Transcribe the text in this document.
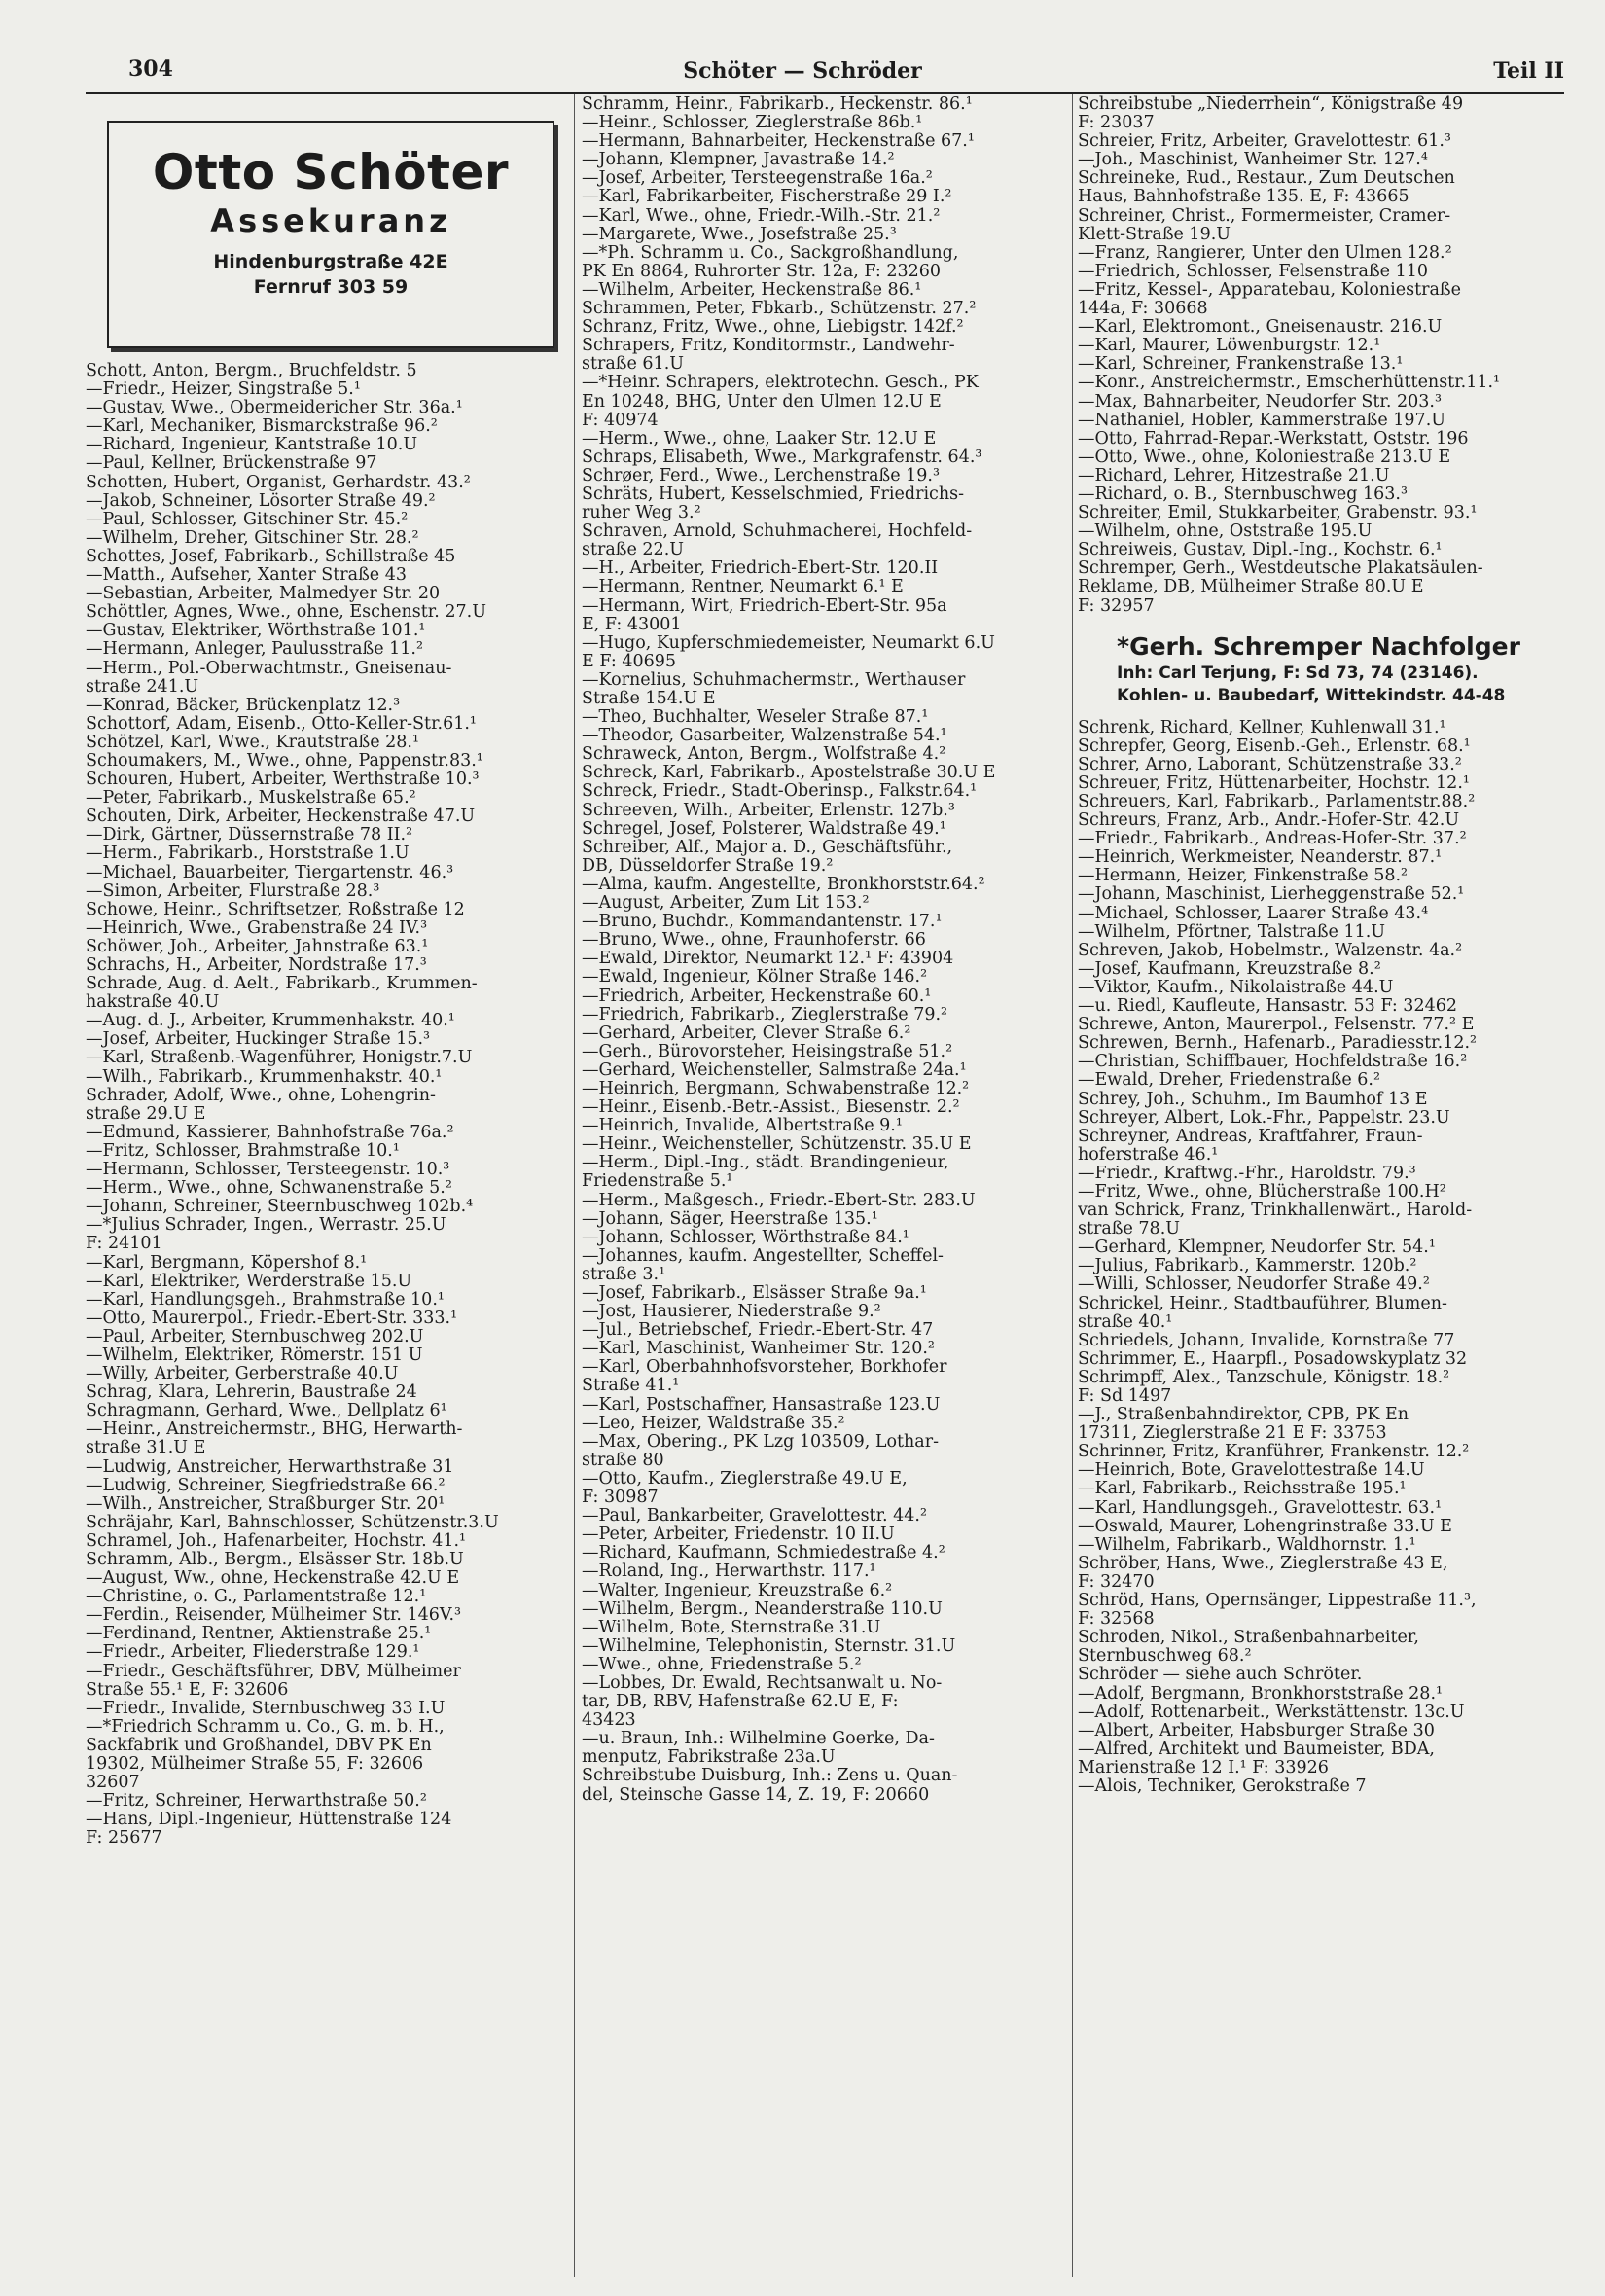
304	Schöter — Schröder	Teil II
Otto Schöter
Assekuranz
Hindenburgstraße 42E
Fernruf 303 59
Schott, Anton, Bergm., Bruchfeldstr. 5
—Friedr., Heizer, Singstraße 5.¹
—Gustav, Wwe., Obermeidericher Str. 36a.¹
—Karl, Mechaniker, Bismarckstraße 96.²
—Richard, Ingenieur, Kantstraße 10.U
—Paul, Kellner, Brückenstraße 97
Schotten, Hubert, Organist, Gerhardstr. 43.²
—Jakob, Schneiner, Lösorter Straße 49.²
—Paul, Schlosser, Gitschiner Str. 45.²
—Wilhelm, Dreher, Gitschiner Str. 28.²
Schottes, Josef, Fabrikarb., Schillstraße 45
—Matth., Aufseher, Xanter Straße 43
—Sebastian, Arbeiter, Malmedyer Str. 20
Schöttler, Agnes, Wwe., ohne, Eschenstr. 27.U
—Gustav, Elektriker, Wörthstraße 101.¹
—Hermann, Anleger, Paulusstraße 11.²
—Herm., Pol.-Oberwachtmstr., Gneisenau-
straße 241.U
—Konrad, Bäcker, Brückenplatz 12.³
Schottorf, Adam, Eisenb., Otto-Keller-Str.61.¹
Schötzel, Karl, Wwe., Krautstraße 28.¹
Schoumakers, M., Wwe., ohne, Pappenstr.83.¹
Schouren, Hubert, Arbeiter, Werthstraße 10.³
—Peter, Fabrikarb., Muskelstraße 65.²
Schouten, Dirk, Arbeiter, Heckenstraße 47.U
—Dirk, Gärtner, Düssernstraße 78 II.²
—Herm., Fabrikarb., Horststraße 1.U
—Michael, Bauarbeiter, Tiergartenstr. 46.³
—Simon, Arbeiter, Flurstraße 28.³
Schowe, Heinr., Schriftsetzer, Roßstraße 12
—Heinrich, Wwe., Grabenstraße 24 IV.³
Schöwer, Joh., Arbeiter, Jahnstraße 63.¹
Schrachs, H., Arbeiter, Nordstraße 17.³
Schrade, Aug. d. Aelt., Fabrikarb., Krummen-
hakstraße 40.U
—Aug. d. J., Arbeiter, Krummenhakstr. 40.¹
—Josef, Arbeiter, Huckinger Straße 15.³
—Karl, Straßenb.-Wagenführer, Honigstr.7.U
—Wilh., Fabrikarb., Krummenhakstr. 40.¹
Schrader, Adolf, Wwe., ohne, Lohengrin-
straße 29.U E
—Edmund, Kassierer, Bahnhofstraße 76a.²
—Fritz, Schlosser, Brahmstraße 10.¹
—Hermann, Schlosser, Tersteegenstr. 10.³
—Herm., Wwe., ohne, Schwanenstraße 5.²
—Johann, Schreiner, Steernbuschweg 102b.⁴
—*Julius Schrader, Ingen., Werrastr. 25.U
F: 24101
—Karl, Bergmann, Köpershof 8.¹
—Karl, Elektriker, Werderstraße 15.U
—Karl, Handlungsgeh., Brahmstraße 10.¹
—Otto, Maurerpol., Friedr.-Ebert-Str. 333.¹
—Paul, Arbeiter, Sternbuschweg 202.U
—Wilhelm, Elektriker, Römerstr. 151 U
—Willy, Arbeiter, Gerberstraße 40.U
Schrag, Klara, Lehrerin, Baustraße 24
Schragmann, Gerhard, Wwe., Dellplatz 6¹
—Heinr., Anstreichermstr., BHG, Herwarth-
straße 31.U E
—Ludwig, Anstreicher, Herwarthstraße 31
—Ludwig, Schreiner, Siegfriedstraße 66.²
—Wilh., Anstreicher, Straßburger Str. 20¹
Schräjahr, Karl, Bahnschlosser, Schützenstr.3.U
Schramel, Joh., Hafenarbeiter, Hochstr. 41.¹
Schramm, Alb., Bergm., Elsässer Str. 18b.U
—August, Ww., ohne, Heckenstraße 42.U E
—Christine, o. G., Parlamentstraße 12.¹
—Ferdin., Reisender, Mülheimer Str. 146V.³
—Ferdinand, Rentner, Aktienstraße 25.¹
—Friedr., Arbeiter, Fliederstraße 129.¹
—Friedr., Geschäftsführer, DBV, Mülheimer
Straße 55.¹ E, F: 32606
—Friedr., Invalide, Sternbuschweg 33 I.U
—*Friedrich Schramm u. Co., G. m. b. H.,
Sackfabrik und Großhandel, DBV PK En
19302, Mülheimer Straße 55, F: 32606
32607
—Fritz, Schreiner, Herwarthstraße 50.²
—Hans, Dipl.-Ingenieur, Hüttenstraße 124
F: 25677
Schramm, Heinr., Fabrikarb., Heckenstr. 86.¹
—Heinr., Schlosser, Zieglerstraße 86b.¹
—Hermann, Bahnarbeiter, Heckenstraße 67.¹
—Johann, Klempner, Javastraße 14.²
—Josef, Arbeiter, Tersteegenstraße 16a.²
—Karl, Fabrikarbeiter, Fischerstraße 29 I.²
—Karl, Wwe., ohne, Friedr.-Wilh.-Str. 21.²
—Margarete, Wwe., Josefstraße 25.³
—*Ph. Schramm u. Co., Sackgroßhandlung,
PK En 8864, Ruhrorter Str. 12a, F: 23260
—Wilhelm, Arbeiter, Heckenstraße 86.¹
Schrammen, Peter, Fbkarb., Schützenstr. 27.²
Schranz, Fritz, Wwe., ohne, Liebigstr. 142f.²
Schrapers, Fritz, Konditormstr., Landwehr-
straße 61.U
—*Heinr. Schrapers, elektrotechn. Gesch., PK
En 10248, BHG, Unter den Ulmen 12.U E
F: 40974
—Herm., Wwe., ohne, Laaker Str. 12.U E
Schraps, Elisabeth, Wwe., Markgrafenstr. 64.³
Schrøer, Ferd., Wwe., Lerchenstraße 19.³
Schräts, Hubert, Kesselschmied, Friedrichs-
ruher Weg 3.²
Schraven, Arnold, Schuhmacherei, Hochfeld-
straße 22.U
—H., Arbeiter, Friedrich-Ebert-Str. 120.II
—Hermann, Rentner, Neumarkt 6.¹ E
—Hermann, Wirt, Friedrich-Ebert-Str. 95a
E, F: 43001
—Hugo, Kupferschmiedemeister, Neumarkt 6.U
E F: 40695
—Kornelius, Schuhmachermstr., Werthauser
Straße 154.U E
—Theo, Buchhalter, Weseler Straße 87.¹
—Theodor, Gasarbeiter, Walzenstraße 54.¹
Schraweck, Anton, Bergm., Wolfstraße 4.²
Schreck, Karl, Fabrikarb., Apostelstraße 30.U E
Schreck, Friedr., Stadt-Oberinsp., Falkstr.64.¹
Schreeven, Wilh., Arbeiter, Erlenstr. 127b.³
Schregel, Josef, Polsterer, Waldstraße 49.¹
Schreiber, Alf., Major a. D., Geschäftsführ.,
DB, Düsseldorfer Straße 19.²
—Alma, kaufm. Angestellte, Bronkhorststr.64.²
—August, Arbeiter, Zum Lit 153.²
—Bruno, Buchdr., Kommandantenstr. 17.¹
—Bruno, Wwe., ohne, Fraunhoferstr. 66
—Ewald, Direktor, Neumarkt 12.¹ F: 43904
—Ewald, Ingenieur, Kölner Straße 146.²
—Friedrich, Arbeiter, Heckenstraße 60.¹
—Friedrich, Fabrikarb., Zieglerstraße 79.²
—Gerhard, Arbeiter, Clever Straße 6.²
—Gerh., Bürovorsteher, Heisingstraße 51.²
—Gerhard, Weichensteller, Salmstraße 24a.¹
—Heinrich, Bergmann, Schwabenstraße 12.²
—Heinr., Eisenb.-Betr.-Assist., Biesenstr. 2.²
—Heinrich, Invalide, Albertstraße 9.¹
—Heinr., Weichensteller, Schützenstr. 35.U E
—Herm., Dipl.-Ing., städt. Brandingenieur,
Friedenstraße 5.¹
—Herm., Maßgesch., Friedr.-Ebert-Str. 283.U
—Johann, Säger, Heerstraße 135.¹
—Johann, Schlosser, Wörthstraße 84.¹
—Johannes, kaufm. Angestellter, Scheffel-
straße 3.¹
—Josef, Fabrikarb., Elsässer Straße 9a.¹
—Jost, Hausierer, Niederstraße 9.²
—Jul., Betriebschef, Friedr.-Ebert-Str. 47
—Karl, Maschinist, Wanheimer Str. 120.²
—Karl, Oberbahnhofsvorsteher, Borkhofer
Straße 41.¹
—Karl, Postschaffner, Hansastraße 123.U
—Leo, Heizer, Waldstraße 35.²
—Max, Obering., PK Lzg 103509, Lothar-
straße 80
—Otto, Kaufm., Zieglerstraße 49.U E,
F: 30987
—Paul, Bankarbeiter, Gravelottestr. 44.²
—Peter, Arbeiter, Friedenstr. 10 II.U
—Richard, Kaufmann, Schmiedestraße 4.²
—Roland, Ing., Herwarthstr. 117.¹
—Walter, Ingenieur, Kreuzstraße 6.²
—Wilhelm, Bergm., Neanderstraße 110.U
—Wilhelm, Bote, Sternstraße 31.U
—Wilhelmine, Telephonistin, Sternstr. 31.U
—Wwe., ohne, Friedenstraße 5.²
—Lobbes, Dr. Ewald, Rechtsanwalt u. No-
tar, DB, RBV, Hafenstraße 62.U E, F:
43423
—u. Braun, Inh.: Wilhelmine Goerke, Da-
menputz, Fabrikstraße 23a.U
Schreibstube Duisburg, Inh.: Zens u. Quan-
del, Steinsche Gasse 14, Z. 19, F: 20660
Schreibstube „Niederrhein“, Königstraße 49
F: 23037
Schreier, Fritz, Arbeiter, Gravelottestr. 61.³
—Joh., Maschinist, Wanheimer Str. 127.⁴
Schreineke, Rud., Restaur., Zum Deutschen
Haus, Bahnhofstraße 135. E, F: 43665
Schreiner, Christ., Formermeister, Cramer-
Klett-Straße 19.U
—Franz, Rangierer, Unter den Ulmen 128.²
—Friedrich, Schlosser, Felsenstraße 110
—Fritz, Kessel-, Apparatebau, Koloniestraße
144a, F: 30668
—Karl, Elektromont., Gneisenaustr. 216.U
—Karl, Maurer, Löwenburgstr. 12.¹
—Karl, Schreiner, Frankenstraße 13.¹
—Konr., Anstreichermstr., Emscherhüttenstr.11.¹
—Max, Bahnarbeiter, Neudorfer Str. 203.³
—Nathaniel, Hobler, Kammerstraße 197.U
—Otto, Fahrrad-Repar.-Werkstatt, Oststr. 196
—Otto, Wwe., ohne, Koloniestraße 213.U E
—Richard, Lehrer, Hitzestraße 21.U
—Richard, o. B., Sternbuschweg 163.³
Schreiter, Emil, Stukkarbeiter, Grabenstr. 93.¹
—Wilhelm, ohne, Oststraße 195.U
Schreiweis, Gustav, Dipl.-Ing., Kochstr. 6.¹
Schremper, Gerh., Westdeutsche Plakatsäulen-
Reklame, DB, Mülheimer Straße 80.U E
F: 32957
*Gerh. Schremper Nachfolger
Inh: Carl Terjung, F: Sd 73, 74 (23146).
Kohlen- u. Baubedarf, Wittekindstr. 44-48
Schrenk, Richard, Kellner, Kuhlenwall 31.¹
Schrepfer, Georg, Eisenb.-Geh., Erlenstr. 68.¹
Schrer, Arno, Laborant, Schützenstraße 33.²
Schreuer, Fritz, Hüttenarbeiter, Hochstr. 12.¹
Schreuers, Karl, Fabrikarb., Parlamentstr.88.²
Schreurs, Franz, Arb., Andr.-Hofer-Str. 42.U
—Friedr., Fabrikarb., Andreas-Hofer-Str. 37.²
—Heinrich, Werkmeister, Neanderstr. 87.¹
—Hermann, Heizer, Finkenstraße 58.²
—Johann, Maschinist, Lierheggenstraße 52.¹
—Michael, Schlosser, Laarer Straße 43.⁴
—Wilhelm, Pförtner, Talstraße 11.U
Schreven, Jakob, Hobelmstr., Walzenstr. 4a.²
—Josef, Kaufmann, Kreuzstraße 8.²
—Viktor, Kaufm., Nikolaistraße 44.U
—u. Riedl, Kaufleute, Hansastr. 53 F: 32462
Schrewe, Anton, Maurerpol., Felsenstr. 77.² E
Schrewen, Bernh., Hafenarb., Paradiesstr.12.²
—Christian, Schiffbauer, Hochfeldstraße 16.²
—Ewald, Dreher, Friedenstraße 6.²
Schrey, Joh., Schuhm., Im Baumhof 13 E
Schreyer, Albert, Lok.-Fhr., Pappelstr. 23.U
Schreyner, Andreas, Kraftfahrer, Fraun-
hoferstraße 46.¹
—Friedr., Kraftwg.-Fhr., Haroldstr. 79.³
—Fritz, Wwe., ohne, Blücherstraße 100.H²
van Schrick, Franz, Trinkhallenwärt., Harold-
straße 78.U
—Gerhard, Klempner, Neudorfer Str. 54.¹
—Julius, Fabrikarb., Kammerstr. 120b.²
—Willi, Schlosser, Neudorfer Straße 49.²
Schrickel, Heinr., Stadtbauführer, Blumen-
straße 40.¹
Schriedels, Johann, Invalide, Kornstraße 77
Schrimmer, E., Haarpfl., Posadowskyplatz 32
Schrimpff, Alex., Tanzschule, Königstr. 18.²
F: Sd 1497
—J., Straßenbahndirektor, CPB, PK En
17311, Zieglerstraße 21 E F: 33753
Schrinner, Fritz, Kranführer, Frankenstr. 12.²
—Heinrich, Bote, Gravelottestraße 14.U
—Karl, Fabrikarb., Reichsstraße 195.¹
—Karl, Handlungsgeh., Gravelottestr. 63.¹
—Oswald, Maurer, Lohengrinstraße 33.U E
—Wilhelm, Fabrikarb., Waldhornstr. 1.¹
Schröber, Hans, Wwe., Zieglerstraße 43 E,
F: 32470
Schröd, Hans, Opernsänger, Lippestraße 11.³,
F: 32568
Schroden, Nikol., Straßenbahnarbeiter,
Sternbuschweg 68.²
Schröder — siehe auch Schröter.
—Adolf, Bergmann, Bronkhorststraße 28.¹
—Adolf, Rottenarbeit., Werkstättenstr. 13c.U
—Albert, Arbeiter, Habsburger Straße 30
—Alfred, Architekt und Baumeister, BDA,
Marienstraße 12 I.¹ F: 33926
—Alois, Techniker, Gerokstraße 7
